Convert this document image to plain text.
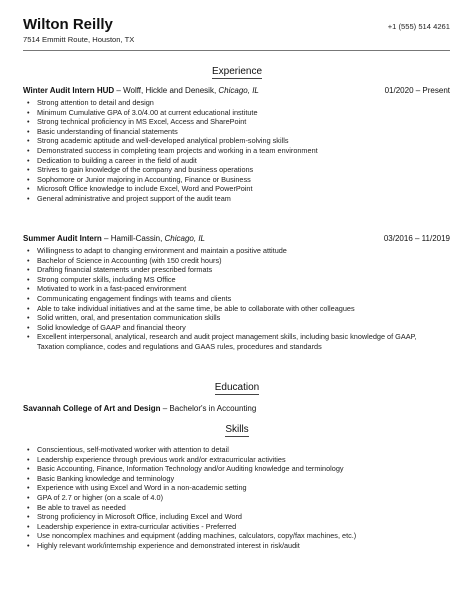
Wilton Reilly
7514 Emmitt Route, Houston, TX
+1 (555) 514 4261
Experience
Winter Audit Intern HUD – Wolff, Hickle and Denesik, Chicago, IL	01/2020 – Present
• Strong attention to detail and design
• Minimum Cumulative GPA of 3.0/4.00 at current educational institute
• Strong technical proficiency in MS Excel, Access and SharePoint
• Basic understanding of financial statements
• Strong academic aptitude and well-developed analytical problem-solving skills
• Demonstrated success in completing team projects and working in a team environment
• Dedication to building a career in the field of audit
• Strives to gain knowledge of the company and business operations
• Sophomore or Junior majoring in Accounting, Finance or Business
• Microsoft Office knowledge to include Excel, Word and PowerPoint
• General administrative and project support of the audit team
Summer Audit Intern – Hamill-Cassin, Chicago, IL	03/2016 – 11/2019
• Willingness to adapt to changing environment and maintain a positive attitude
• Bachelor of Science in Accounting (with 150 credit hours)
• Drafting financial statements under prescribed formats
• Strong computer skills, including MS Office
• Motivated to work in a fast-paced environment
• Communicating engagement findings with teams and clients
• Able to take individual initiatives and at the same time, be able to collaborate with other colleagues
• Solid written, oral, and presentation communication skills
• Solid knowledge of GAAP and financial theory
• Excellent interpersonal, analytical, research and audit project management skills, including basic knowledge of GAAP, Taxation compliance, codes and regulations and GAAS rules, procedures and standards
Education
Savannah College of Art and Design – Bachelor's in Accounting
Skills
• Conscientious, self-motivated worker with attention to detail
• Leadership experience through previous work and/or extracurricular activities
• Basic Accounting, Finance, Information Technology and/or Auditing knowledge and terminology
• Basic Banking knowledge and terminology
• Experience with using Excel and Word in a non-academic setting
• GPA of 2.7 or higher (on a scale of 4.0)
• Be able to travel as needed
• Strong proficiency in Microsoft Office, including Excel and Word
• Leadership experience in extra-curricular activities - Preferred
• Use noncomplex machines and equipment (adding machines, calculators, copy/fax machines, etc.)
• Highly relevant work/internship experience and demonstrated interest in risk/audit
